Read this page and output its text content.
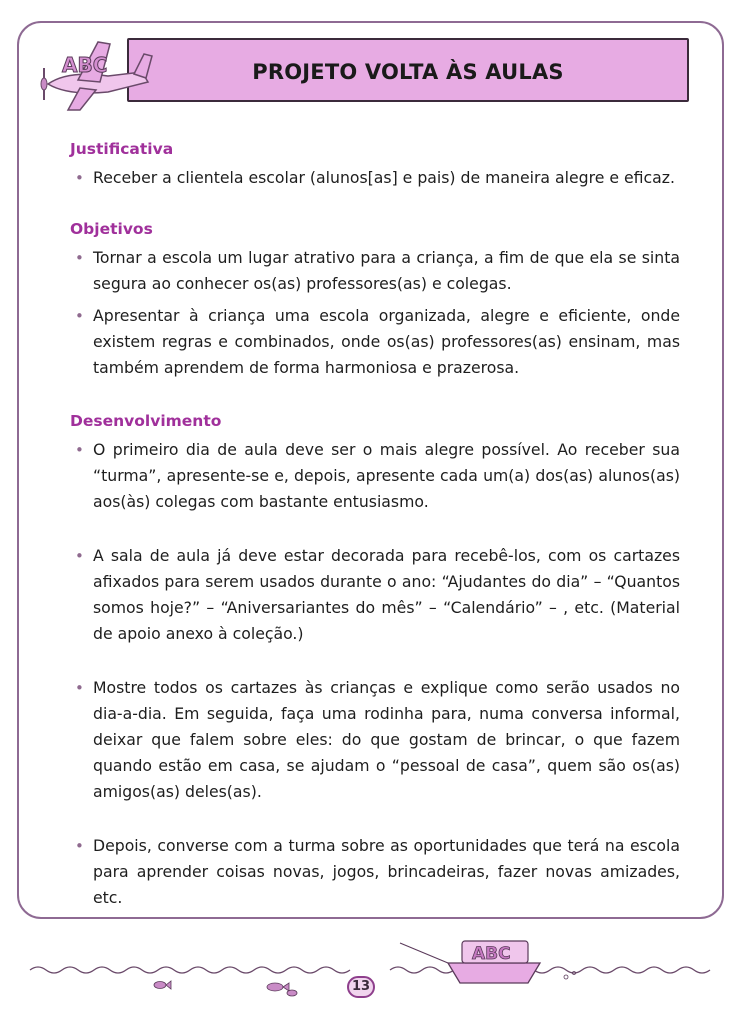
PROJETO VOLTA ÀS AULAS
ABC
Justificativa
• Receber a clientela escolar (alunos[as] e pais) de maneira alegre e eficaz.
Objetivos
• Tornar a escola um lugar atrativo para a criança, a fim de que ela se sinta segura ao conhecer os(as) professores(as) e colegas.
• Apresentar à criança uma escola organizada, alegre e eficiente, onde existem regras e combinados, onde os(as) professores(as) ensinam, mas também aprendem de forma harmoniosa e prazerosa.
Desenvolvimento
• O primeiro dia de aula deve ser o mais alegre possível. Ao receber sua “turma”, apresente-se e, depois, apresente cada um(a) dos(as) alunos(as) aos(às) colegas com bastante entusiasmo.
• A sala de aula já deve estar decorada para recebê-los, com os cartazes afixados para serem usados durante o ano: “Ajudantes do dia” – “Quantos somos hoje?” – “Aniversariantes do mês” – “Calendário” – , etc. (Material de apoio anexo à coleção.)
• Mostre todos os cartazes às crianças e explique como serão usados no dia-a-dia. Em seguida, faça uma rodinha para, numa conversa informal, deixar que falem sobre eles: do que gostam de brincar, o que fazem quando estão em casa, se ajudam o “pessoal de casa”, quem são os(as) amigos(as) deles(as).
• Depois, converse com a turma sobre as oportunidades que terá na escola para aprender coisas novas, jogos, brincadeiras, fazer novas amizades, etc.
ABC
13
